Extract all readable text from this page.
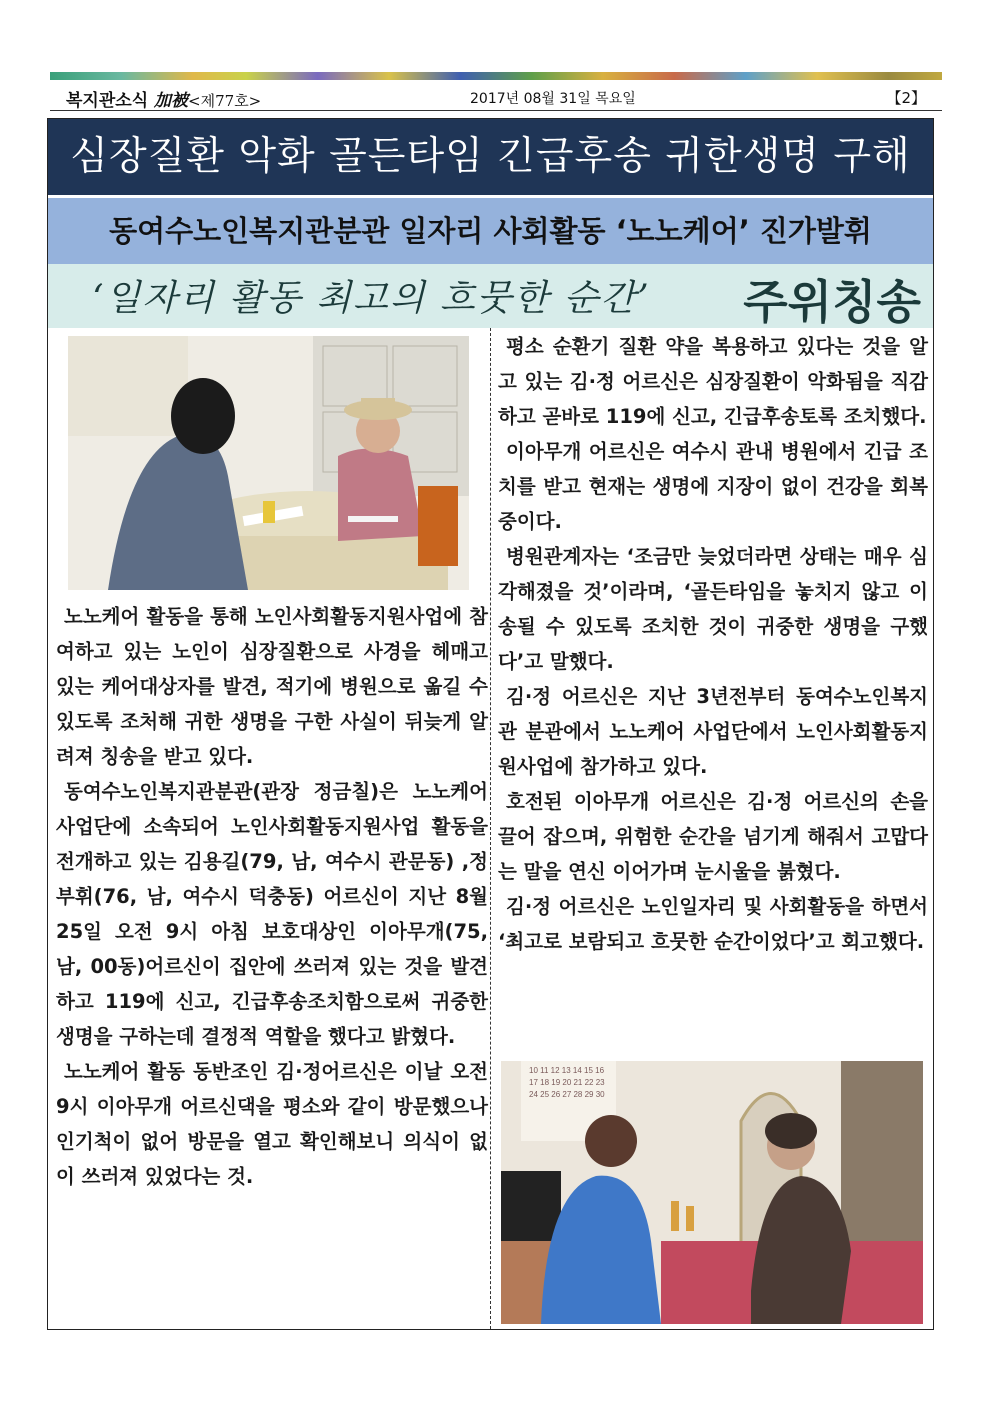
복지관소식 加被<제77호>	2017년 08월 31일 목요일	【2】
심장질환 악화 골든타임 긴급후송 귀한생명 구해
동여수노인복지관분관 일자리 사회활동 ‘노노케어’ 진가발휘
‘일자리 활동 최고의 흐뭇한 순간’ 주위칭송

노노케어 활동을 통해 노인사회활동지원사업에 참여하고 있는 노인이 심장질환으로 사경을 헤매고 있는 케어대상자를 발견, 적기에 병원으로 옮길 수있도록 조처해 귀한 생명을 구한 사실이 뒤늦게 알려져 칭송을 받고 있다.

동여수노인복지관분관(관장 정금칠)은 노노케어 사업단에 소속되어 노인사회활동지원사업 활동을 전개하고 있는 김용길(79, 남, 여수시 관문동) ,정부휘(76, 남, 여수시 덕충동) 어르신이 지난 8월 25일 오전 9시 아침 보호대상인 이아무개(75, 남, 00동)어르신이 집안에 쓰러져 있는 것을 발견하고 119에 신고, 긴급후송조치함으로써 귀중한 생명을 구하는데 결정적 역할을 했다고 밝혔다.

노노케어 활동 동반조인 김·정어르신은 이날 오전 9시 이아무개 어르신댁을 평소와 같이 방문했으나 인기척이 없어 방문을 열고 확인해보니 의식이 없이 쓰러져 있었다는 것.

평소 순환기 질환 약을 복용하고 있다는 것을 알고 있는 김·정 어르신은 심장질환이 악화됨을 직감하고 곧바로 119에 신고, 긴급후송토록 조치했다.

이아무개 어르신은 여수시 관내 병원에서 긴급 조치를 받고 현재는 생명에 지장이 없이 건강을 회복중이다.

병원관계자는 ‘조금만 늦었더라면 상태는 매우 심각해졌을 것’이라며, ‘골든타임을 놓치지 않고 이송될 수 있도록 조치한 것이 귀중한 생명을 구했다’고 말했다.

김·정 어르신은 지난 3년전부터 동여수노인복지관 분관에서 노노케어 사업단에서 노인사회활동지원사업에 참가하고 있다.

호전된 이아무개 어르신은 김·정 어르신의 손을 끌어 잡으며, 위험한 순간을 넘기게 해줘서 고맙다는 말을 연신 이어가며 눈시울을 붉혔다.

김·정 어르신은 노인일자리 및 사회활동을 하면서 ‘최고로 보람되고 흐뭇한 순간이었다’고 회고했다.

10 11 12 13 14 15 16
17 18 19 20 21 22 23
24 25 26 27 28 29 30
